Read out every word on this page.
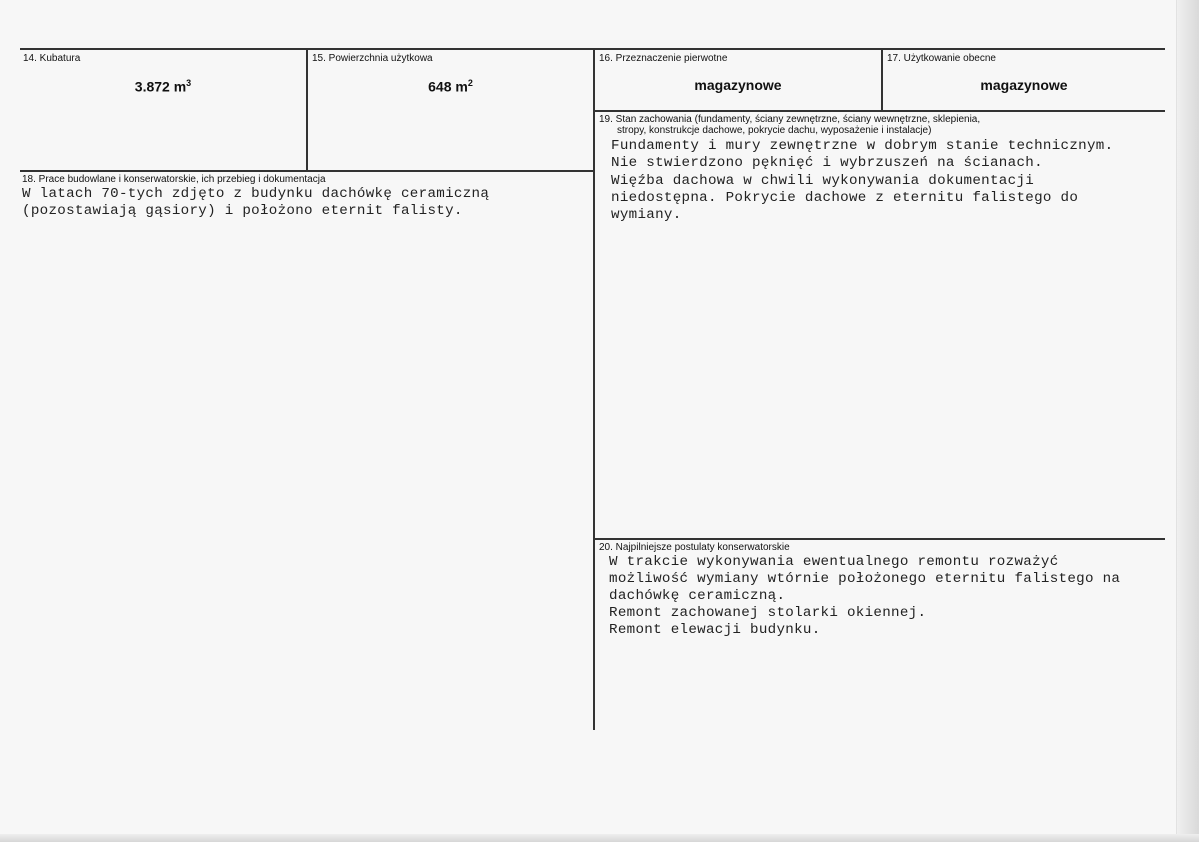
14. Kubatura
3.872 $m^3$
15. Powierzchnia użytkowa
648 $m^2$
16. Przeznaczenie pierwotne
magazynowe
17. Użytkowanie obecne
magazynowe
18. Prace budowlane i konserwatorskie, ich przebieg i dokumentacja
W latach 70-tych zdjęto z budynku dachówkę ceramiczną
(pozostawiają gąsiory) i położono eternit falisty.
19. Stan zachowania (fundamenty, ściany zewnętrzne, ściany wewnętrzne, sklepienia,
stropy, konstrukcje dachowe, pokrycie dachu, wyposażenie i instalacje)
Fundamenty i mury zewnętrzne w dobrym stanie technicznym.
Nie stwierdzono pęknięć i wybrzuszeń na ścianach.
Więźba dachowa w chwili wykonywania dokumentacji
niedostępna. Pokrycie dachowe z eternitu falistego do
wymiany.
20. Najpilniejsze postulaty konserwatorskie
W trakcie wykonywania ewentualnego remontu rozważyć
możliwość wymiany wtórnie położonego eternitu falistego na
dachówkę ceramiczną.
Remont zachowanej stolarki okiennej.
Remont elewacji budynku.
